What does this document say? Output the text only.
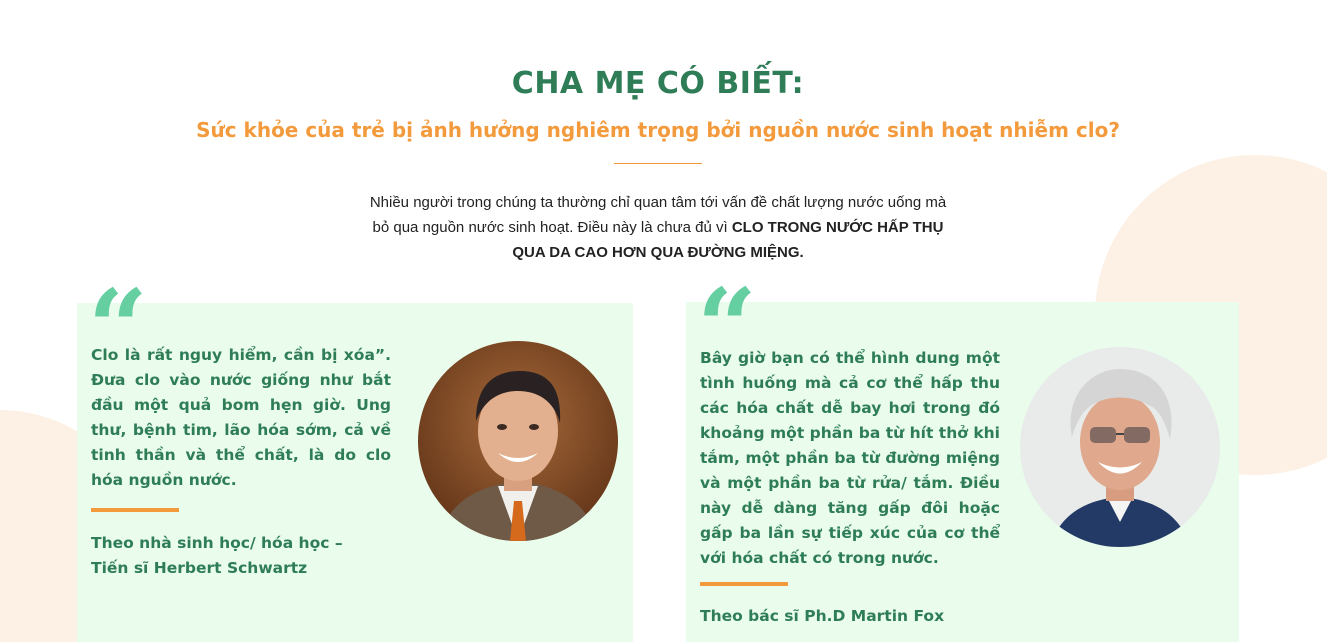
CHA MẸ CÓ BIẾT:
Sức khỏe của trẻ bị ảnh hưởng nghiêm trọng bởi nguồn nước sinh hoạt nhiễm clo?

Nhiều người trong chúng ta thường chỉ quan tâm tới vấn đề chất lượng nước uống mà bỏ qua nguồn nước sinh hoạt. Điều này là chưa đủ vì CLO TRONG NƯỚC HẤP THỤ QUA DA CAO HƠN QUA ĐƯỜNG MIỆNG.

“

Clo là rất nguy hiểm, cần bị xóa”. Đưa clo vào nước giống như bắt đầu một quả bom hẹn giờ. Ung thư, bệnh tim, lão hóa sớm, cả về tinh thần và thể chất, là do clo hóa nguồn nước.

Theo nhà sinh học/ hóa học –
Tiến sĩ Herbert Schwartz
“

Bây giờ bạn có thể hình dung một tình huống mà cả cơ thể hấp thu các hóa chất dễ bay hơi trong đó khoảng một phần ba từ hít thở khi tắm, một phần ba từ đường miệng và một phần ba từ rửa/ tắm. Điều này dễ dàng tăng gấp đôi hoặc gấp ba lần sự tiếp xúc của cơ thể với hóa chất có trong nước.

Theo bác sĩ Ph.D Martin Fox
